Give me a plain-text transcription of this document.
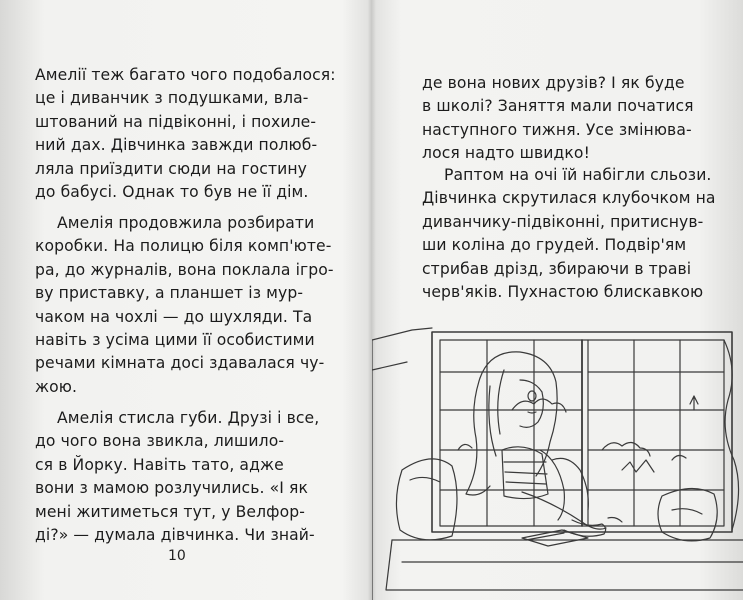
Амелії теж багато чого подобалося:
це і диванчик з подушками, вла-
штований на підвіконні, і похиле-
ний дах. Дівчинка завжди полюб-
ляла приїздити сюди на гостину
до бабусі. Однак то був не її дім.
Амелія продовжила розбирати
коробки. На полицю біля комп'юте-
ра, до журналів, вона поклала ігро-
ву приставку, а планшет із мур-
чаком на чохлі — до шухляди. Та
навіть з усіма цими її особистими
речами кімната досі здавалася чу-
жою.
Амелія стисла губи. Друзі і все,
до чого вона звикла, лишило-
ся в Йорку. Навіть тато, адже
вони з мамою розлучились. «І як
мені житиметься тут, у Велфор-
ді?» — думала дівчинка. Чи знай-
10
де вона нових друзів? І як буде
в школі? Заняття мали початися
наступного тижня. Усе змінюва-
лося надто швидко!
Раптом на очі їй набігли сльози.
Дівчинка скрутилася клубочком на
диванчику-підвіконні, притиснув-
ши коліна до грудей. Подвір'ям
стрибав дрізд, збираючи в траві
черв'яків. Пухнастою блискавкою
